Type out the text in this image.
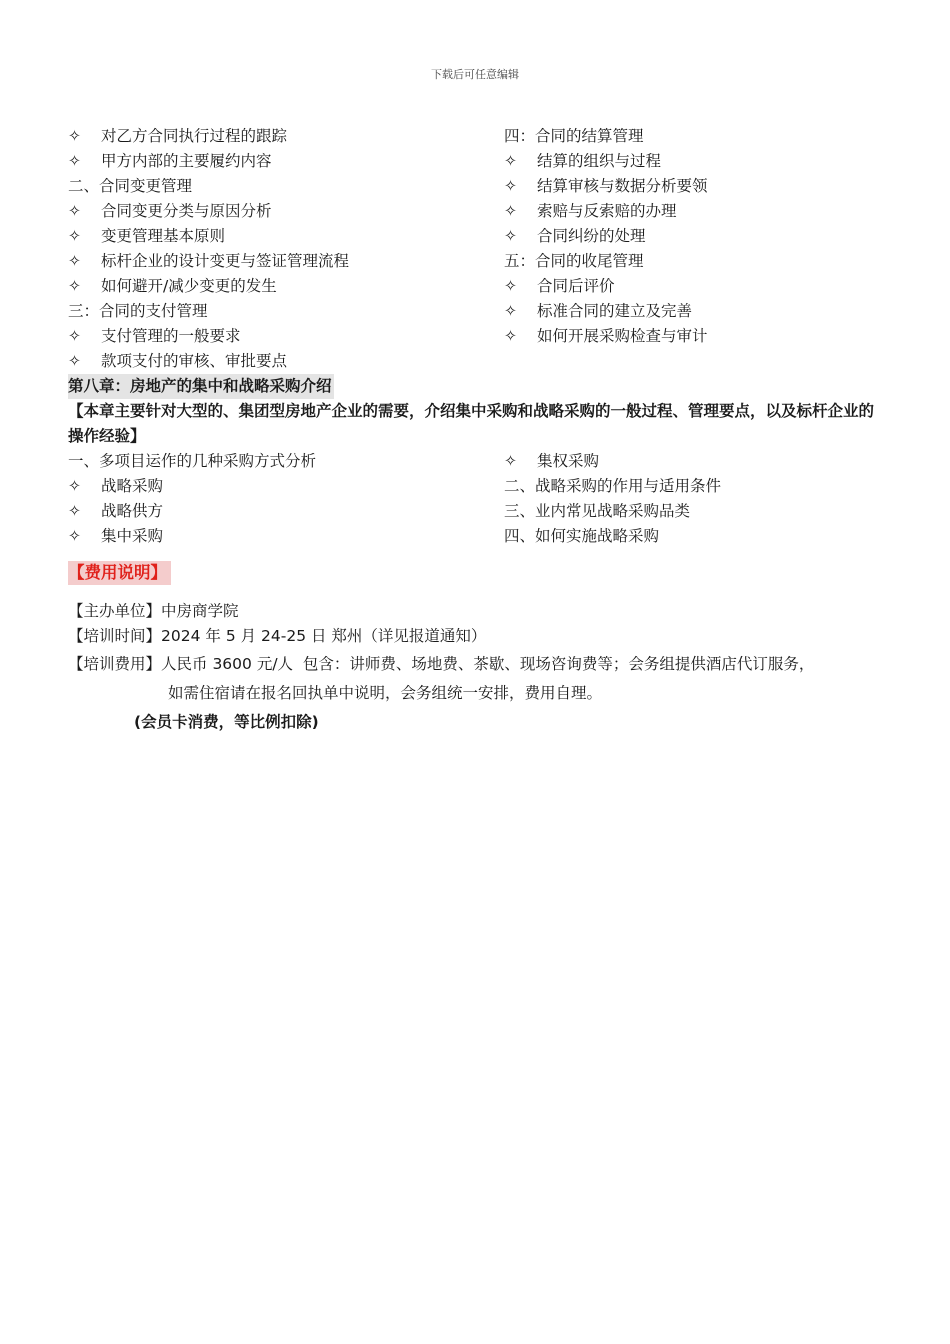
下载后可任意编辑
✧ 对乙方合同执行过程的跟踪
✧ 甲方内部的主要履约内容
二、合同变更管理
✧ 合同变更分类与原因分析
✧ 变更管理基本原则
✧ 标杆企业的设计变更与签证管理流程
✧ 如何避开/减少变更的发生
三：合同的支付管理
✧ 支付管理的一般要求
✧ 款项支付的审核、审批要点
四：合同的结算管理
✧ 结算的组织与过程
✧ 结算审核与数据分析要领
✧ 索赔与反索赔的办理
✧ 合同纠纷的处理
五：合同的收尾管理
✧ 合同后评价
✧ 标准合同的建立及完善
✧ 如何开展采购检查与审计
第八章：房地产的集中和战略采购介绍
【本章主要针对大型的、集团型房地产企业的需要，介绍集中采购和战略采购的一般过程、管理要点，以及标杆企业的操作经验】
一、多项目运作的几种采购方式分析
✧ 战略采购
✧ 战略供方
✧ 集中采购
✧ 集权采购
二、战略采购的作用与适用条件
三、业内常见战略采购品类
四、如何实施战略采购
【费用说明】
【主办单位】中房商学院
【培训时间】2024 年 5 月 24-25 日 郑州（详见报道通知）
【培训费用】人民币 3600 元/人  包含：讲师费、场地费、茶歇、现场咨询费等；会务组提供酒店代订服务，
如需住宿请在报名回执单中说明，会务组统一安排，费用自理。
(会员卡消费，等比例扣除)
